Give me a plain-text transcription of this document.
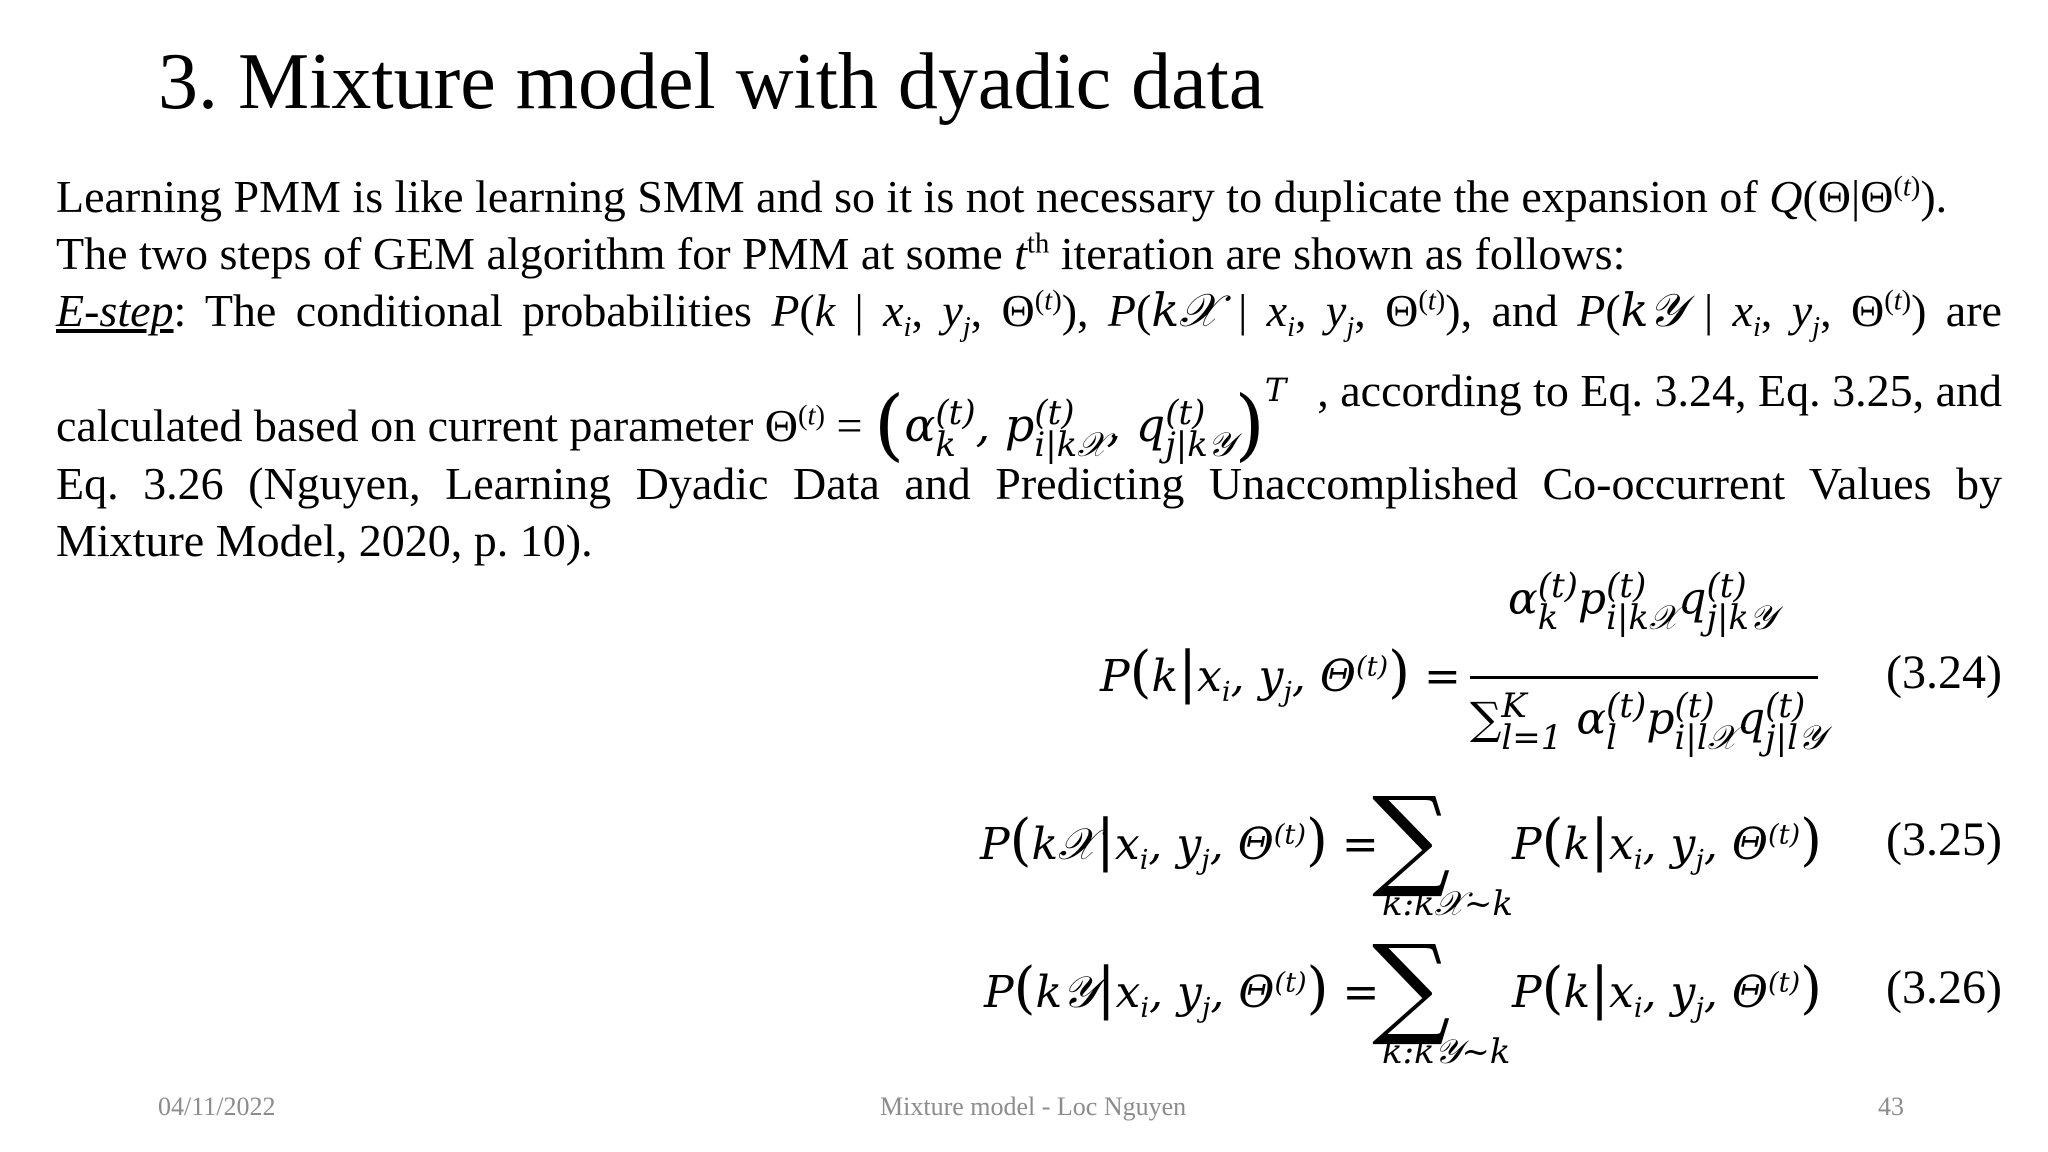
3. Mixture model with dyadic data
Learning PMM is like learning SMM and so it is not necessary to duplicate the expansion of $Q(\Theta|\Theta^{(t)})$.
The two steps of GEM algorithm for PMM at some $t^{th}$ iteration are shown as follows:
E-step: The conditional probabilities P(k | $x_i$, $y_j$, $\Theta^{(t)}$), P(k𝒳 | $x_i$, $y_j$, $\Theta^{(t)}$), and P(k𝒴 | $x_i$, $y_j$, $\Theta^{(t)}$) are
calculated based on current parameter $\Theta^{(t)} = (\alpha$ (t)
k , p (t)
i|k𝒳 , q (t)
j|k𝒴 )$^T$ , according to Eq. 3.24, Eq. 3.25, and
Eq. 3.26 (Nguyen, Learning Dyadic Data and Predicting Unaccomplished Co-occurrent Values by
Mixture Model, 2020, p. 10).
$P(k|x_i$, $y_j$, $\Theta^{(t)}$) =
α (t)
k p (t)
i|k𝒳 q (t)
j|k𝒴
∑ K
l=1 α (t)
l p (t)
i|l𝒳 q (t)
j|l𝒴
(3.24)
$P(k𝒳|x_i$, $y_j$, $\Theta^{(t)}$) =
∑
k:k𝒳~k
$P(k|x_i$, $y_j$, $\Theta^{(t)}$) (3.25)
$P(k𝒴|x_i$, $y_j$, $\Theta^{(t)}$) =
∑
k:k𝒴~k
$P(k|x_i$, $y_j$, $\Theta^{(t)}$) (3.26)
04/11/2022	Mixture model - Loc Nguyen	43
